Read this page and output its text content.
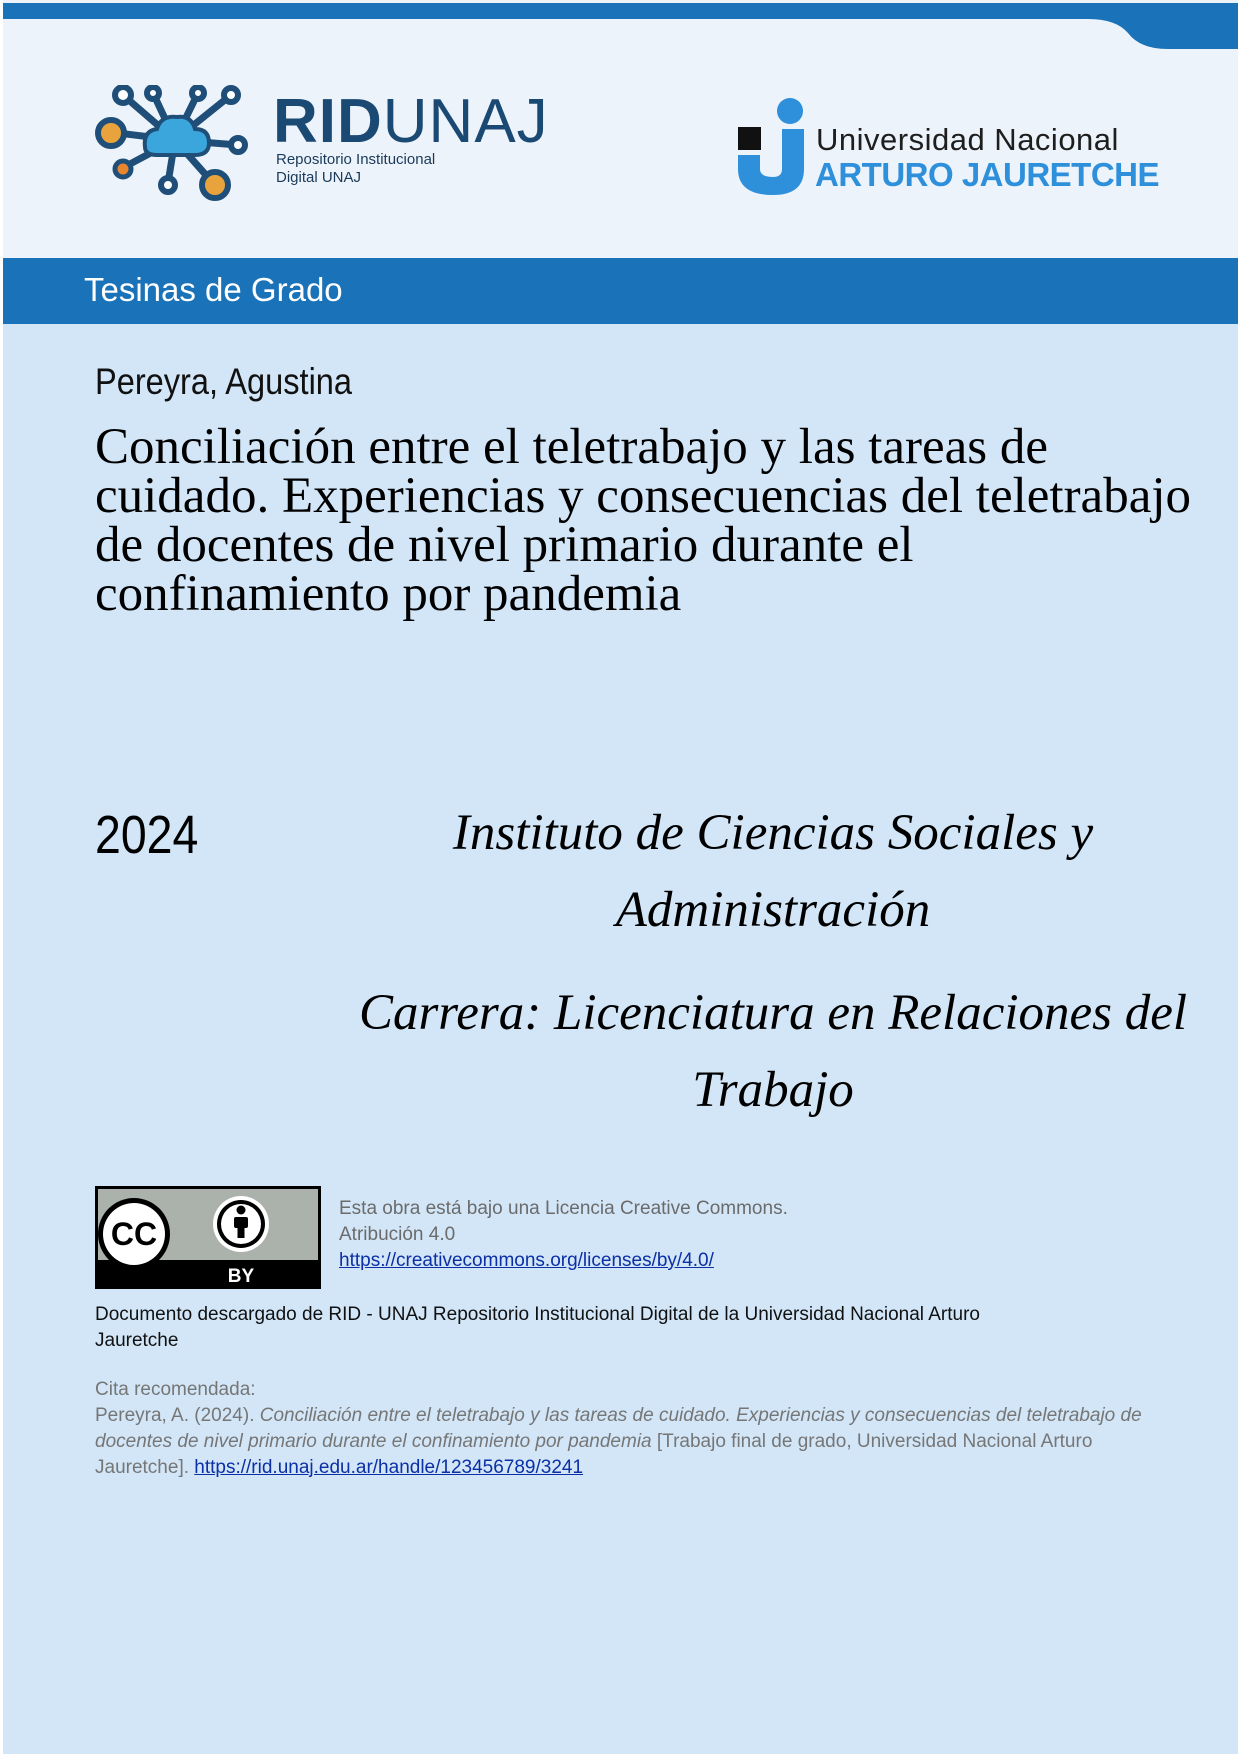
RIDUNAJ
Repositorio Institucional
Digital UNAJ
Universidad Nacional
ARTURO JAURETCHE
Tesinas de Grado
Pereyra, Agustina
Conciliación entre el teletrabajo y las tareas de cuidado. Experiencias y consecuencias del teletrabajo de docentes de nivel primario durante el confinamiento por pandemia
2024	Instituto de Ciencias Sociales y Administración

Carrera: Licenciatura en Relaciones del Trabajo

CC
BY
Esta obra está bajo una Licencia Creative Commons.
Atribución 4.0
https://creativecommons.org/licenses/by/4.0/
Documento descargado de RID - UNAJ Repositorio Institucional Digital de la Universidad Nacional Arturo Jauretche
Cita recomendada:
Pereyra, A. (2024). Conciliación entre el teletrabajo y las tareas de cuidado. Experiencias y consecuencias del teletrabajo de docentes de nivel primario durante el confinamiento por pandemia [Trabajo final de grado, Universidad Nacional Arturo Jauretche]. https://rid.unaj.edu.ar/handle/123456789/3241
